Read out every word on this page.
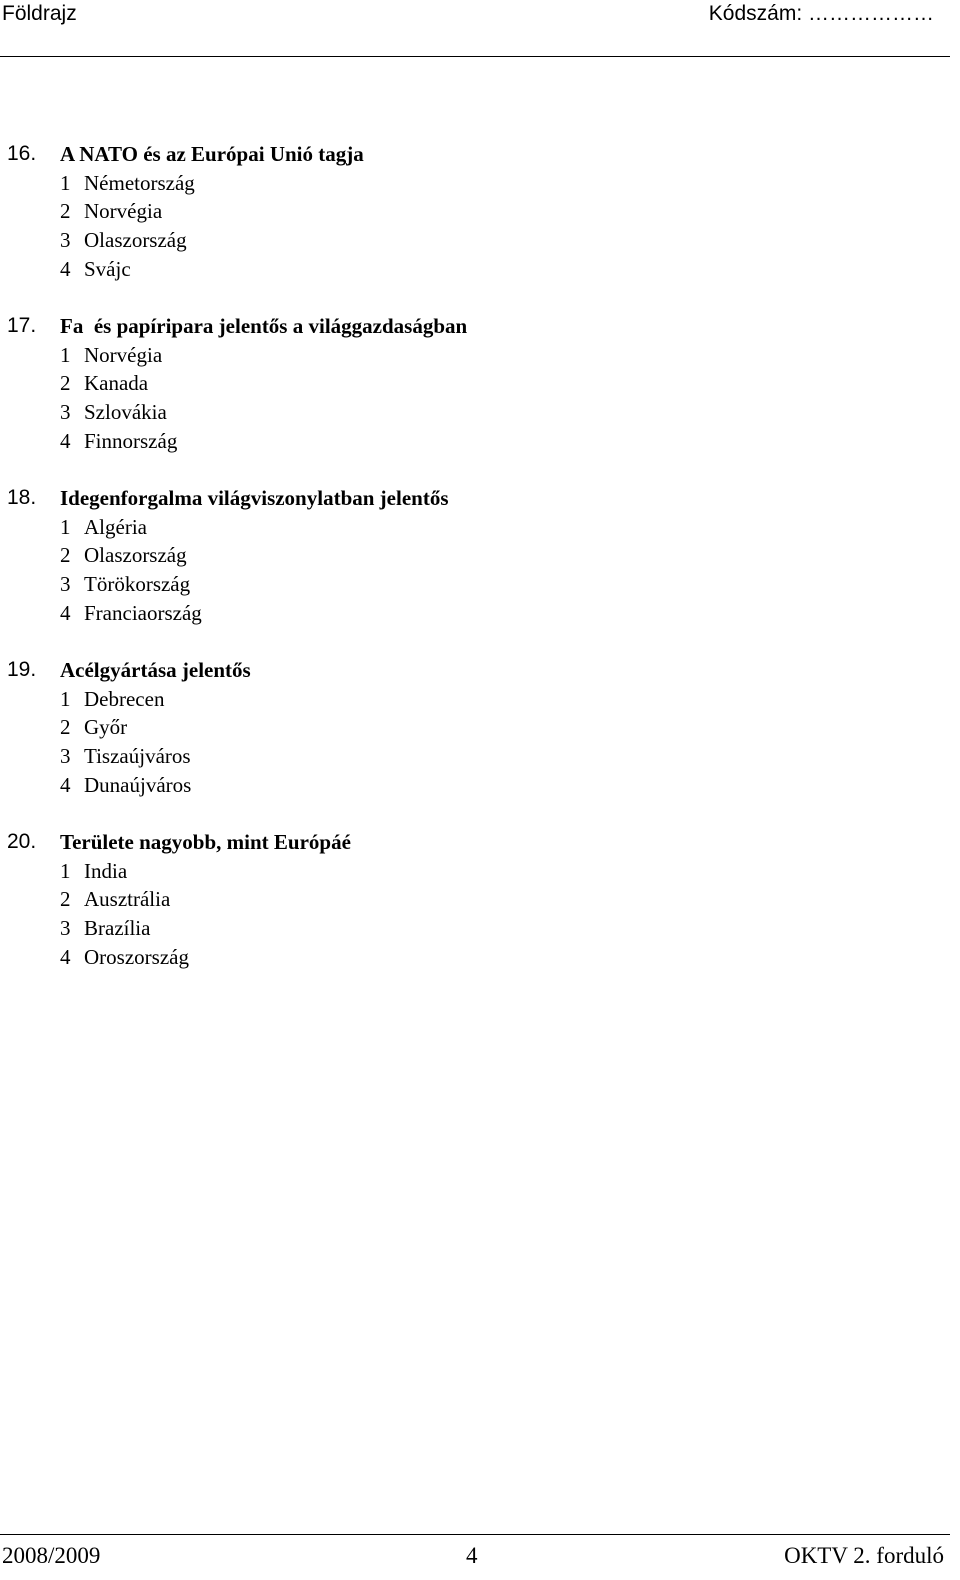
Földrajz	Kódszám: ………………
16. A NATO és az Európai Unió tagja
1 Németország
2 Norvégia
3 Olaszország
4 Svájc
17. Fa  és papíripara jelentős a világgazdaságban
1 Norvégia
2 Kanada
3 Szlovákia
4 Finnország
18. Idegenforgalma világviszonylatban jelentős
1 Algéria
2 Olaszország
3 Törökország
4 Franciaország
19. Acélgyártása jelentős
1 Debrecen
2 Győr
3 Tiszaújváros
4 Dunaújváros
20. Területe nagyobb, mint Európáé
1 India
2 Ausztrália
3 Brazília
4 Oroszország
2008/2009	4	OKTV 2. forduló
